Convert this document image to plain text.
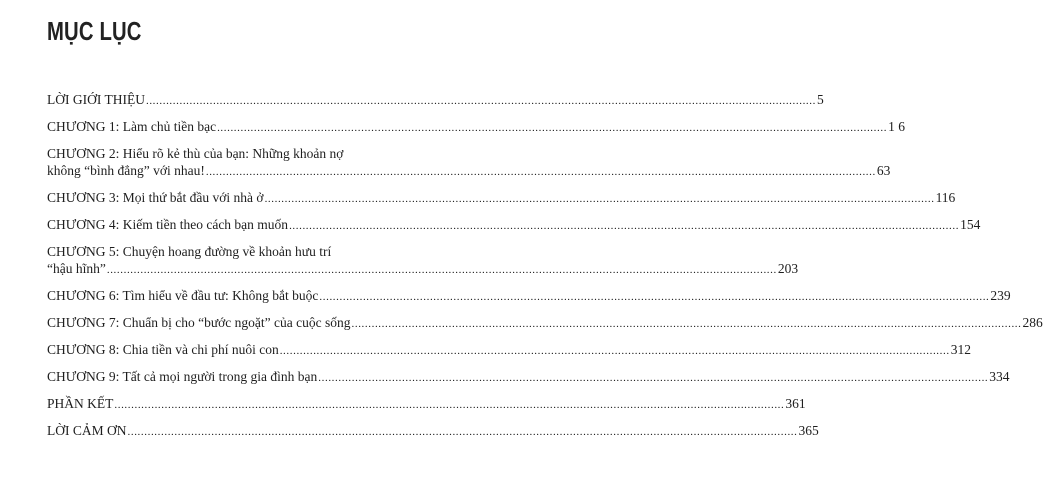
MỤC LỤC
LỜI GIỚI THIỆU ........................................................................................................................................................................................................ 5
CHƯƠNG 1: Làm chủ tiền bạc ........................................................................................................................................................................................................ 1 6
CHƯƠNG 2: Hiểu rõ kẻ thù của bạn: Những khoản nợ
không “bình đẳng” với nhau! ........................................................................................................................................................................................................ 63
CHƯƠNG 3: Mọi thứ bắt đầu với nhà ở ........................................................................................................................................................................................................ 116
CHƯƠNG 4: Kiếm tiền theo cách bạn muốn ........................................................................................................................................................................................................ 154
CHƯƠNG 5: Chuyện hoang đường về khoản hưu trí
“hậu hĩnh” ........................................................................................................................................................................................................ 203
CHƯƠNG 6: Tìm hiểu về đầu tư: Không bắt buộc ........................................................................................................................................................................................................ 239
CHƯƠNG 7: Chuẩn bị cho “bước ngoặt” của cuộc sống ........................................................................................................................................................................................................ 286
CHƯƠNG 8: Chia tiền và chi phí nuôi con ........................................................................................................................................................................................................ 312
CHƯƠNG 9: Tất cả mọi người trong gia đình bạn ........................................................................................................................................................................................................ 334
PHẦN KẾT ........................................................................................................................................................................................................ 361
LỜI CẢM ƠN ........................................................................................................................................................................................................ 365
